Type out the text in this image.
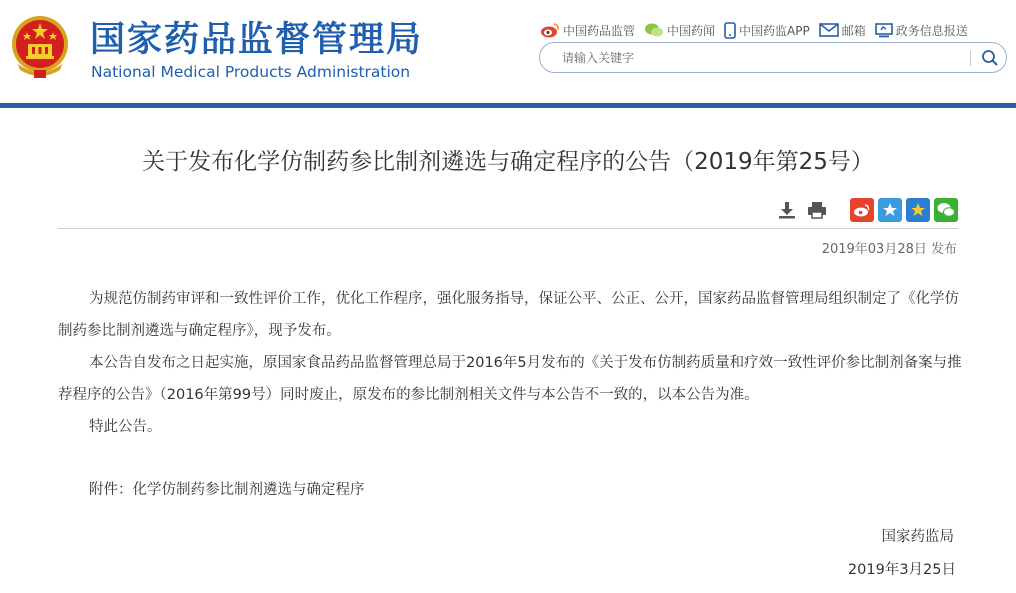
国家药品监督管理局
National Medical Products Administration
中国药品监管	中国药闻 中国药监APP	邮箱	政务信息报送
请输入关键字
关于发布化学仿制药参比制剂遴选与确定程序的公告（2019年第25号）
2019年03月28日 发布

为规范仿制药审评和一致性评价工作，优化工作程序，强化服务指导，保证公平、公正、公开，国家药品监督管理局组织制定了《化学仿制药参比制剂遴选与确定程序》，现予发布。

本公告自发布之日起实施，原国家食品药品监督管理总局于2016年5月发布的《关于发布仿制药质量和疗效一致性评价参比制剂备案与推荐程序的公告》（2016年第99号）同时废止，原发布的参比制剂相关文件与本公告不一致的，以本公告为准。

特此公告。

附件：化学仿制药参比制剂遴选与确定程序
国家药监局
2019年3月25日
